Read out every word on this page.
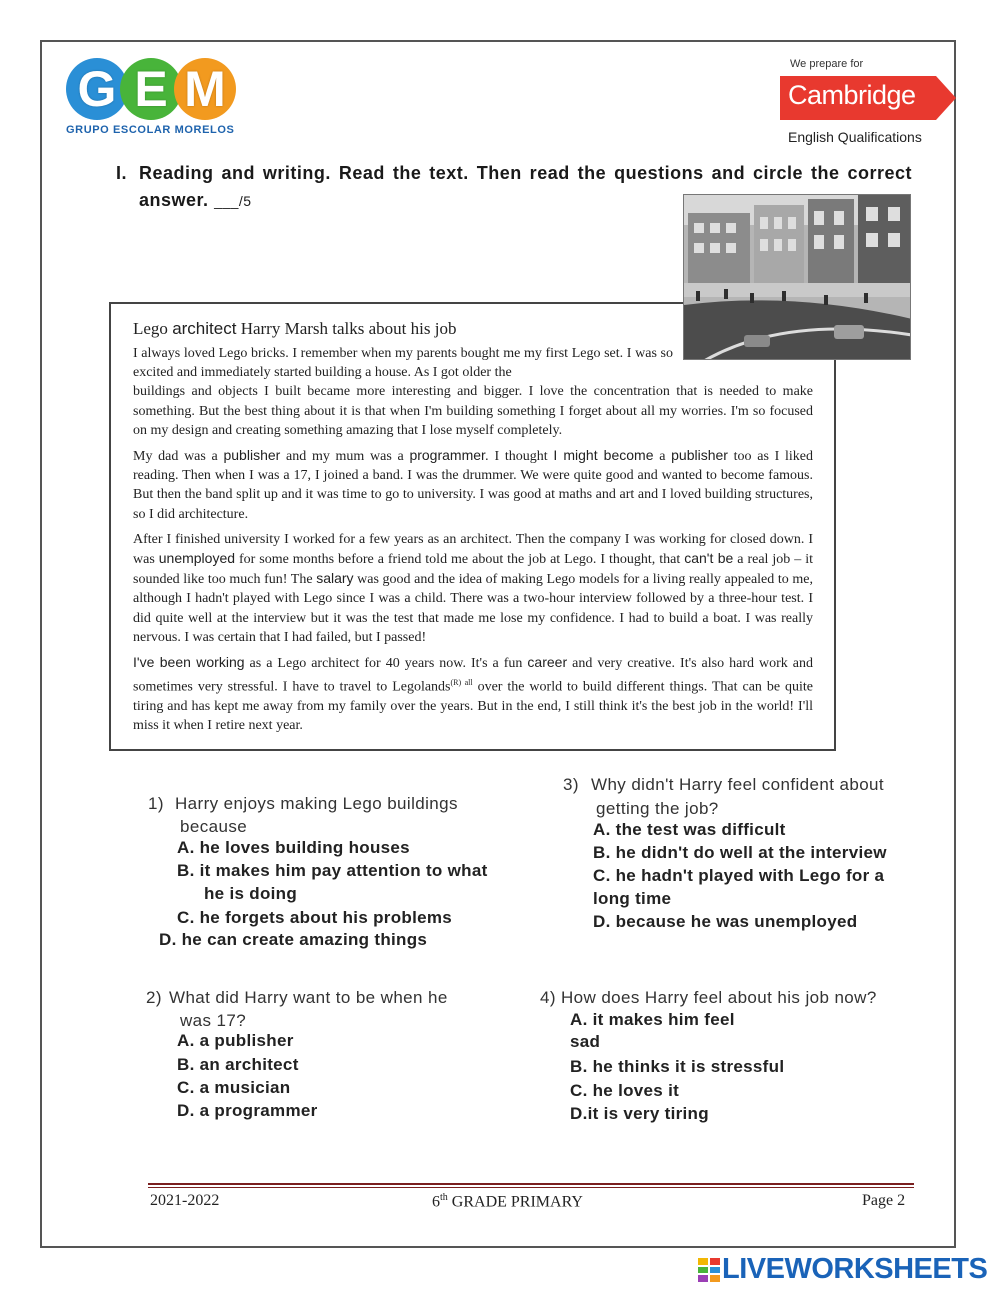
G E M
GRUPO ESCOLAR MORELOS
We prepare for
Cambridge
English Qualifications
I. Reading and writing. Read the text. Then read the questions and circle the correct answer. ___/5
Lego architect Harry Marsh talks about his job

I always loved Lego bricks. I remember when my parents bought me my first Lego set. I was so excited and immediately started building a house. As I got older the

buildings and objects I built became more interesting and bigger. I love the concentration that is needed to make something. But the best thing about it is that when I'm building something I forget about all my worries. I'm so focused on my design and creating something amazing that I lose myself completely.

My dad was a publisher and my mum was a programmer. I thought I might become a publisher too as I liked reading. Then when I was a 17, I joined a band. I was the drummer. We were quite good and wanted to become famous. But then the band split up and it was time to go to university. I was good at maths and art and I loved building structures, so I did architecture.

After I finished university I worked for a few years as an architect. Then the company I was working for closed down. I was unemployed for some months before a friend told me about the job at Lego. I thought, that can't be a real job – it sounded like too much fun! The salary was good and the idea of making Lego models for a living really appealed to me, although I hadn't played with Lego since I was a child. There was a two-hour interview followed by a three-hour test. I did quite well at the interview but it was the test that made me lose my confidence. I had to build a boat. I was really nervous. I was certain that I had failed, but I passed!

I've been working as a Lego architect for 40 years now. It's a fun career and very creative. It's also hard work and sometimes very stressful. I have to travel to Legolands$^{(R) all}$ over the world to build different things. That can be quite tiring and has kept me away from my family over the years. But in the end, I still think it's the best job in the world! I'll miss it when I retire next year.

1) Harry enjoys making Lego buildings
because
A. he loves building houses
B. it makes him pay attention to what
he is doing
C. he forgets about his problems
D. he can create amazing things
2) What did Harry want to be when he
was 17?
A. a publisher
B. an architect
C. a musician
D. a programmer
3) Why didn't Harry feel confident about
getting the job?
A. the test was difficult
B. he didn't do well at the interview
C. he hadn't played with Lego for a
long time
D. because he was unemployed
4) How does Harry feel about his job now?
A. it makes him feel
sad
B. he thinks it is stressful
C. he loves it
D.it is very tiring
2021-2022	6th GRADE PRIMARY	Page 2
LIVEWORKSHEETS
